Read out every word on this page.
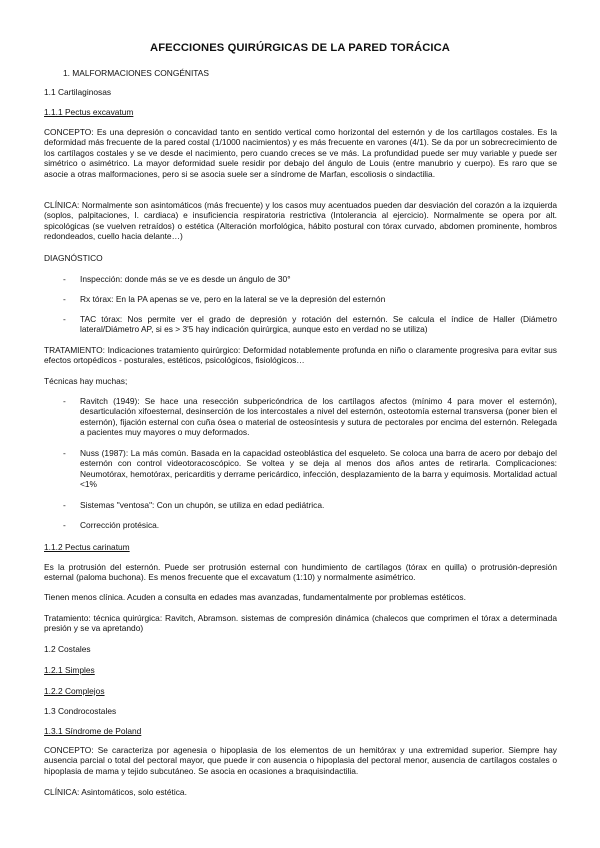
AFECCIONES QUIRÚRGICAS DE LA PARED TORÁCICA

1. MALFORMACIONES CONGÉNITAS

1.1 Cartilaginosas

1.1.1 Pectus excavatum

CONCEPTO: Es una depresión o concavidad tanto en sentido vertical como horizontal del esternón y de los cartílagos costales. Es la deformidad más frecuente de la pared costal (1/1000 nacimientos) y es más frecuente en varones (4/1). Se da por un sobrecrecimiento de los cartílagos costales y se ve desde el nacimiento, pero cuando creces se ve más. La profundidad puede ser muy variable y puede ser simétrico o asimétrico. La mayor deformidad suele residir por debajo del ángulo de Louis (entre manubrio y cuerpo). Es raro que se asocie a otras malformaciones, pero si se asocia suele ser a síndrome de Marfan, escoliosis o sindactilia.

CLÍNICA: Normalmente son asintomáticos (más frecuente) y los casos muy acentuados pueden dar desviación del corazón a la izquierda (soplos, palpitaciones, I. cardiaca) e insuficiencia respiratoria restrictiva (Intolerancia al ejercicio). Normalmente se opera por alt. spicológicas (se vuelven retraídos) o estética (Alteración morfológica, hábito postural con tórax curvado, abdomen prominente, hombros redondeados, cuello hacia delante…)

DIAGNÓSTICO

- Inspección: donde más se ve es desde un ángulo de 30°

- Rx tórax: En la PA apenas se ve, pero en la lateral se ve la depresión del esternón

- TAC tórax: Nos permite ver el grado de depresión y rotación del esternón. Se calcula el índice de Haller (Diámetro lateral/Diámetro AP, si es > 3'5 hay indicación quirúrgica, aunque esto en verdad no se utiliza)

TRATAMIENTO: Indicaciones tratamiento quirúrgico: Deformidad notablemente profunda en niño o claramente progresiva para evitar sus efectos ortopédicos - posturales, estéticos, psicológicos, fisiológicos…

Técnicas hay muchas;

- Ravitch (1949): Se hace una resección subpericóndrica de los cartílagos afectos (mínimo 4 para mover el esternón), desarticulación xifoesternal, desinserción de los intercostales a nivel del esternón, osteotomía esternal transversa (poner bien el esternón), fijación esternal con cuña ósea o material de osteosíntesis y sutura de pectorales por encima del esternón. Relegada a pacientes muy mayores o muy deformados.

- Nuss (1987): La más común. Basada en la capacidad osteoblástica del esqueleto. Se coloca una barra de acero por debajo del esternón con control videotoracoscópico. Se voltea y se deja al menos dos años antes de retirarla. Complicaciones: Neumotórax, hemotórax, pericarditis y derrame pericárdico, infección, desplazamiento de la barra y equimosis. Mortalidad actual <1%

- Sistemas "ventosa": Con un chupón, se utiliza en edad pediátrica.

- Corrección protésica.

1.1.2 Pectus carinatum

Es la protrusión del esternón. Puede ser protrusión esternal con hundimiento de cartílagos (tórax en quilla) o protrusión-depresión esternal (paloma buchona). Es menos frecuente que el excavatum (1:10) y normalmente asimétrico.

Tienen menos clínica. Acuden a consulta en edades mas avanzadas, fundamentalmente por problemas estéticos.

Tratamiento: técnica quirúrgica: Ravitch, Abramson. sistemas de compresión dinámica (chalecos que comprimen el tórax a determinada presión y se va apretando)

1.2 Costales

1.2.1 Simples

1.2.2 Complejos

1.3 Condrocostales

1.3.1 Síndrome de Poland

CONCEPTO: Se caracteriza por agenesia o hipoplasia de los elementos de un hemitórax y una extremidad superior. Siempre hay ausencia parcial o total del pectoral mayor, que puede ir con ausencia o hipoplasia del pectoral menor, ausencia de cartílagos costales o hipoplasia de mama y tejido subcutáneo. Se asocia en ocasiones a braquisindactilia.

CLÍNICA: Asintomáticos, solo estética.
